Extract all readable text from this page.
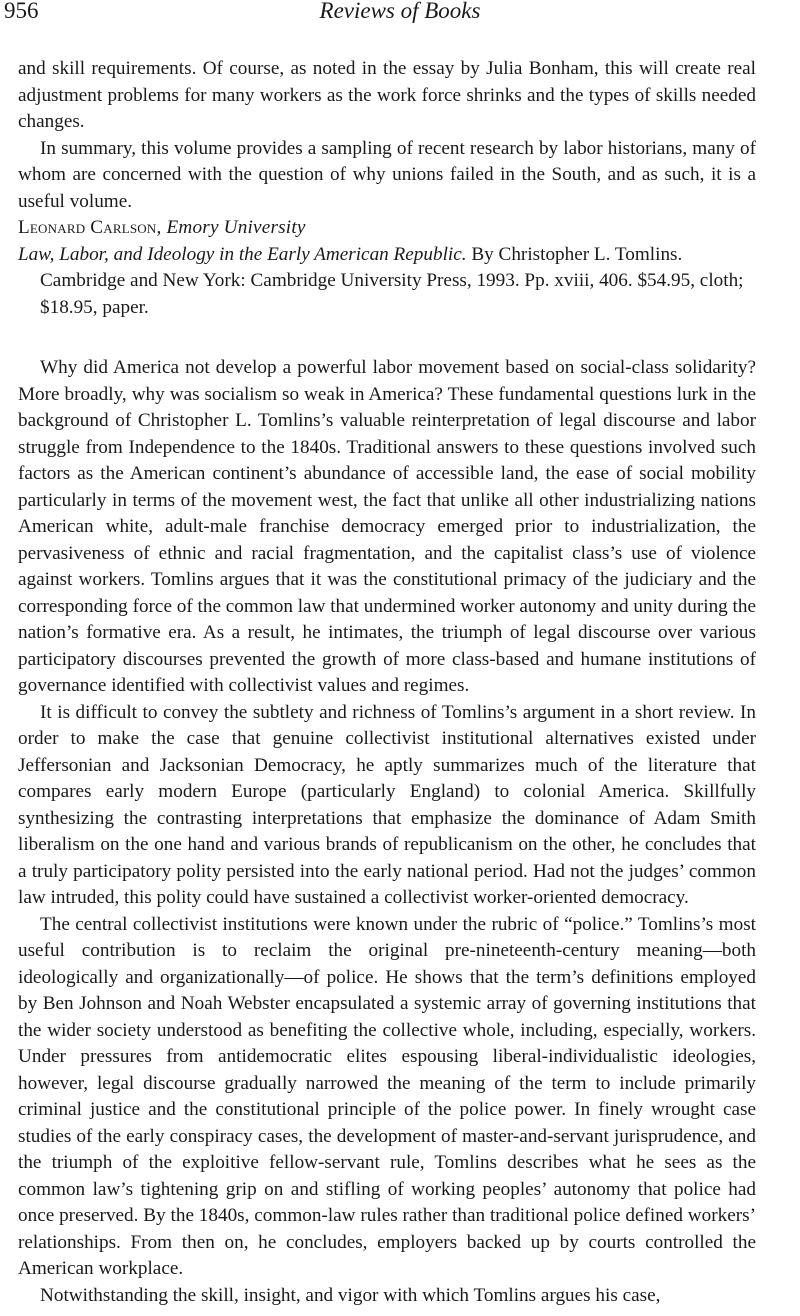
956	Reviews of Books

and skill requirements. Of course, as noted in the essay by Julia Bonham, this will create real adjustment problems for many workers as the work force shrinks and the types of skills needed changes.

In summary, this volume provides a sampling of recent research by labor historians, many of whom are concerned with the question of why unions failed in the South, and as such, it is a useful volume.

Leonard Carlson, Emory University

Law, Labor, and Ideology in the Early American Republic. By Christopher L. Tomlins. Cambridge and New York: Cambridge University Press, 1993. Pp. xviii, 406. $54.95, cloth; $18.95, paper.

Why did America not develop a powerful labor movement based on social-class solidarity? More broadly, why was socialism so weak in America? These fundamental questions lurk in the background of Christopher L. Tomlins’s valuable reinterpretation of legal discourse and labor struggle from Independence to the 1840s. Traditional answers to these questions involved such factors as the American continent’s abundance of accessible land, the ease of social mobility particularly in terms of the movement west, the fact that unlike all other industrializing nations American white, adult-male franchise democracy emerged prior to industrialization, the pervasiveness of ethnic and racial fragmentation, and the capitalist class’s use of violence against workers. Tomlins argues that it was the constitutional primacy of the judiciary and the corresponding force of the common law that undermined worker autonomy and unity during the nation’s formative era. As a result, he intimates, the triumph of legal discourse over various participatory discourses prevented the growth of more class-based and humane institutions of governance identified with collectivist values and regimes.

It is difficult to convey the subtlety and richness of Tomlins’s argument in a short review. In order to make the case that genuine collectivist institutional alternatives existed under Jeffersonian and Jacksonian Democracy, he aptly summarizes much of the literature that compares early modern Europe (particularly England) to colonial America. Skillfully synthesizing the contrasting interpretations that emphasize the dominance of Adam Smith liberalism on the one hand and various brands of republicanism on the other, he concludes that a truly participatory polity persisted into the early national period. Had not the judges’ common law intruded, this polity could have sustained a collectivist worker-oriented democracy.

The central collectivist institutions were known under the rubric of “police.” Tomlins’s most useful contribution is to reclaim the original pre-nineteenth-century meaning—both ideologically and organizationally—of police. He shows that the term’s definitions employed by Ben Johnson and Noah Webster encapsulated a systemic array of governing institutions that the wider society understood as benefiting the collective whole, including, especially, workers. Under pressures from antidemocratic elites espousing liberal-individualistic ideologies, however, legal discourse gradually narrowed the meaning of the term to include primarily criminal justice and the constitutional principle of the police power. In finely wrought case studies of the early conspiracy cases, the development of master-and-servant jurisprudence, and the triumph of the exploitive fellow-servant rule, Tomlins describes what he sees as the common law’s tightening grip on and stifling of working peoples’ autonomy that police had once preserved. By the 1840s, common-law rules rather than traditional police defined workers’ relationships. From then on, he concludes, employers backed up by courts controlled the American workplace.

Notwithstanding the skill, insight, and vigor with which Tomlins argues his case,
